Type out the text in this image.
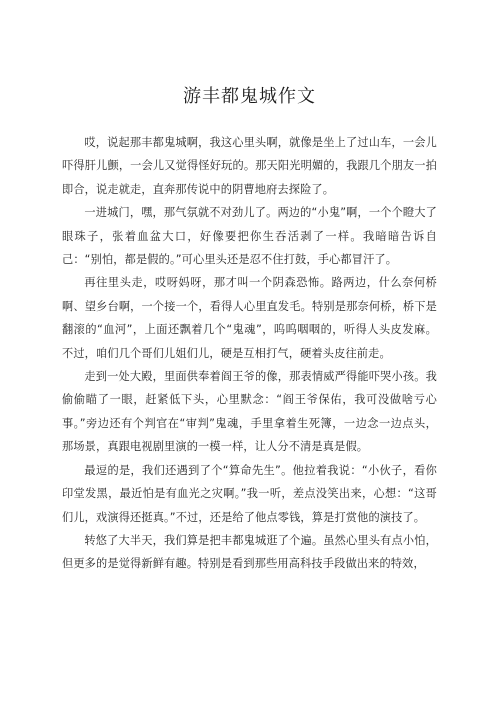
游丰都鬼城作文

哎，说起那丰都鬼城啊，我这心里头啊，就像是坐上了过山车，一会儿吓得肝儿颤，一会儿又觉得怪好玩的。那天阳光明媚的，我跟几个朋友一拍即合，说走就走，直奔那传说中的阴曹地府去探险了。

一进城门，嘿，那气氛就不对劲儿了。两边的“小鬼”啊，一个个瞪大了眼珠子，张着血盆大口，好像要把你生吞活剥了一样。我暗暗告诉自己：“别怕，都是假的。”可心里头还是忍不住打鼓，手心都冒汗了。

再往里头走，哎呀妈呀，那才叫一个阴森恐怖。路两边，什么奈何桥啊、望乡台啊，一个接一个，看得人心里直发毛。特别是那奈何桥，桥下是翻滚的“血河”，上面还飘着几个“鬼魂”，呜呜咽咽的，听得人头皮发麻。不过，咱们几个哥们儿姐们儿，硬是互相打气，硬着头皮往前走。

走到一处大殿，里面供奉着阎王爷的像，那表情威严得能吓哭小孩。我偷偷瞄了一眼，赶紧低下头，心里默念：“阎王爷保佑，我可没做啥亏心事。”旁边还有个判官在“审判”鬼魂，手里拿着生死簿，一边念一边点头，那场景，真跟电视剧里演的一模一样，让人分不清是真是假。

最逗的是，我们还遇到了个“算命先生”。他拉着我说：“小伙子，看你印堂发黑，最近怕是有血光之灾啊。”我一听，差点没笑出来，心想：“这哥们儿，戏演得还挺真。”不过，还是给了他点零钱，算是打赏他的演技了。

转悠了大半天，我们算是把丰都鬼城逛了个遍。虽然心里头有点小怕，但更多的是觉得新鲜有趣。特别是看到那些用高科技手段做出来的特效，
